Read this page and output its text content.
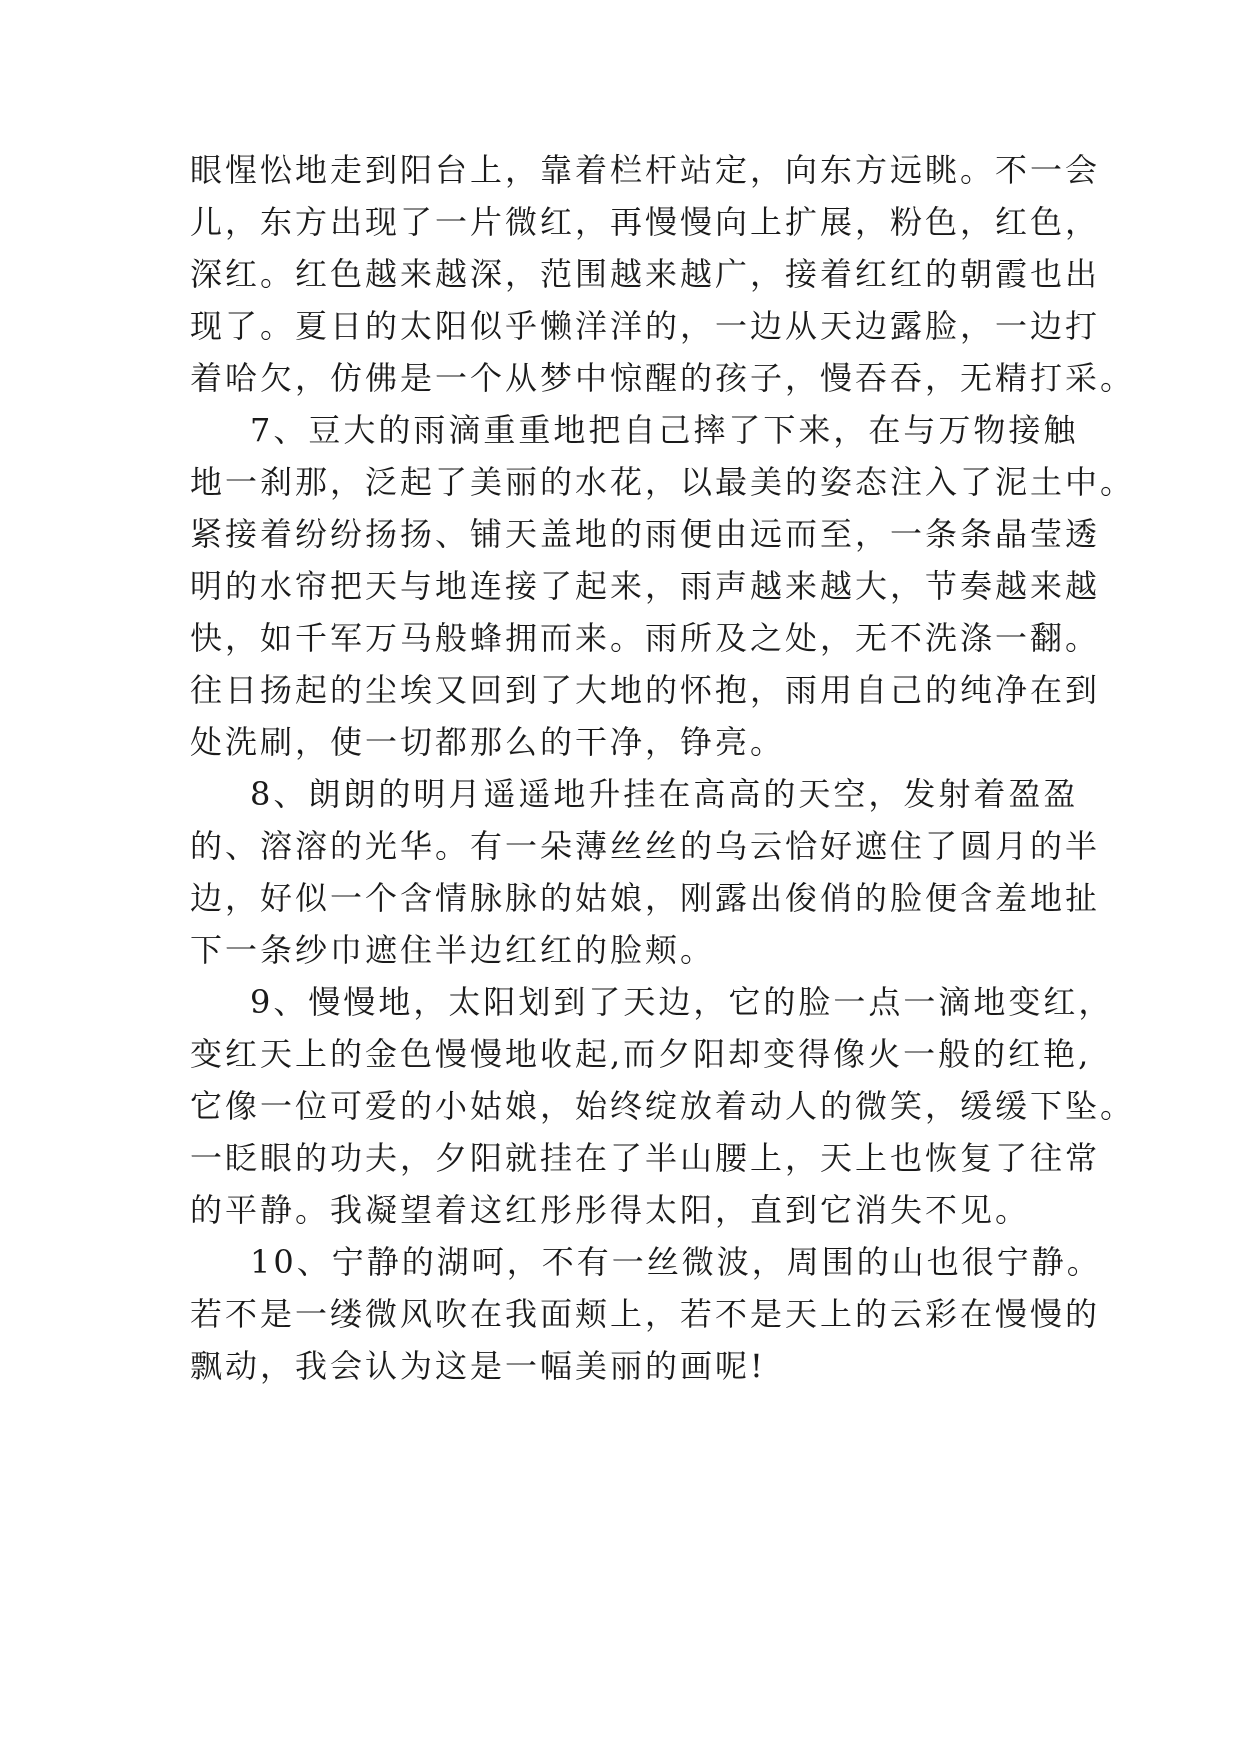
眼惺忪地走到阳台上，靠着栏杆站定，向东方远眺。不一会
儿，东方出现了一片微红，再慢慢向上扩展，粉色，红色，
深红。红色越来越深，范围越来越广，接着红红的朝霞也出
现了。夏日的太阳似乎懒洋洋的，一边从天边露脸，一边打
着哈欠，仿佛是一个从梦中惊醒的孩子，慢吞吞，无精打采。
7、豆大的雨滴重重地把自己摔了下来，在与万物接触
地一刹那，泛起了美丽的水花，以最美的姿态注入了泥土中。
紧接着纷纷扬扬、铺天盖地的雨便由远而至，一条条晶莹透
明的水帘把天与地连接了起来，雨声越来越大，节奏越来越
快，如千军万马般蜂拥而来。雨所及之处，无不洗涤一翻。
往日扬起的尘埃又回到了大地的怀抱，雨用自己的纯净在到
处洗刷，使一切都那么的干净，铮亮。
8、朗朗的明月遥遥地升挂在高高的天空，发射着盈盈
的、溶溶的光华。有一朵薄丝丝的乌云恰好遮住了圆月的半
边，好似一个含情脉脉的姑娘，刚露出俊俏的脸便含羞地扯
下一条纱巾遮住半边红红的脸颊。
9、慢慢地，太阳划到了天边，它的脸一点一滴地变红，
变红天上的金色慢慢地收起,而夕阳却变得像火一般的红艳,
它像一位可爱的小姑娘，始终绽放着动人的微笑，缓缓下坠。
一眨眼的功夫，夕阳就挂在了半山腰上，天上也恢复了往常
的平静。我凝望着这红彤彤得太阳，直到它消失不见。
10、宁静的湖呵，不有一丝微波，周围的山也很宁静。
若不是一缕微风吹在我面颊上，若不是天上的云彩在慢慢的
飘动，我会认为这是一幅美丽的画呢!
